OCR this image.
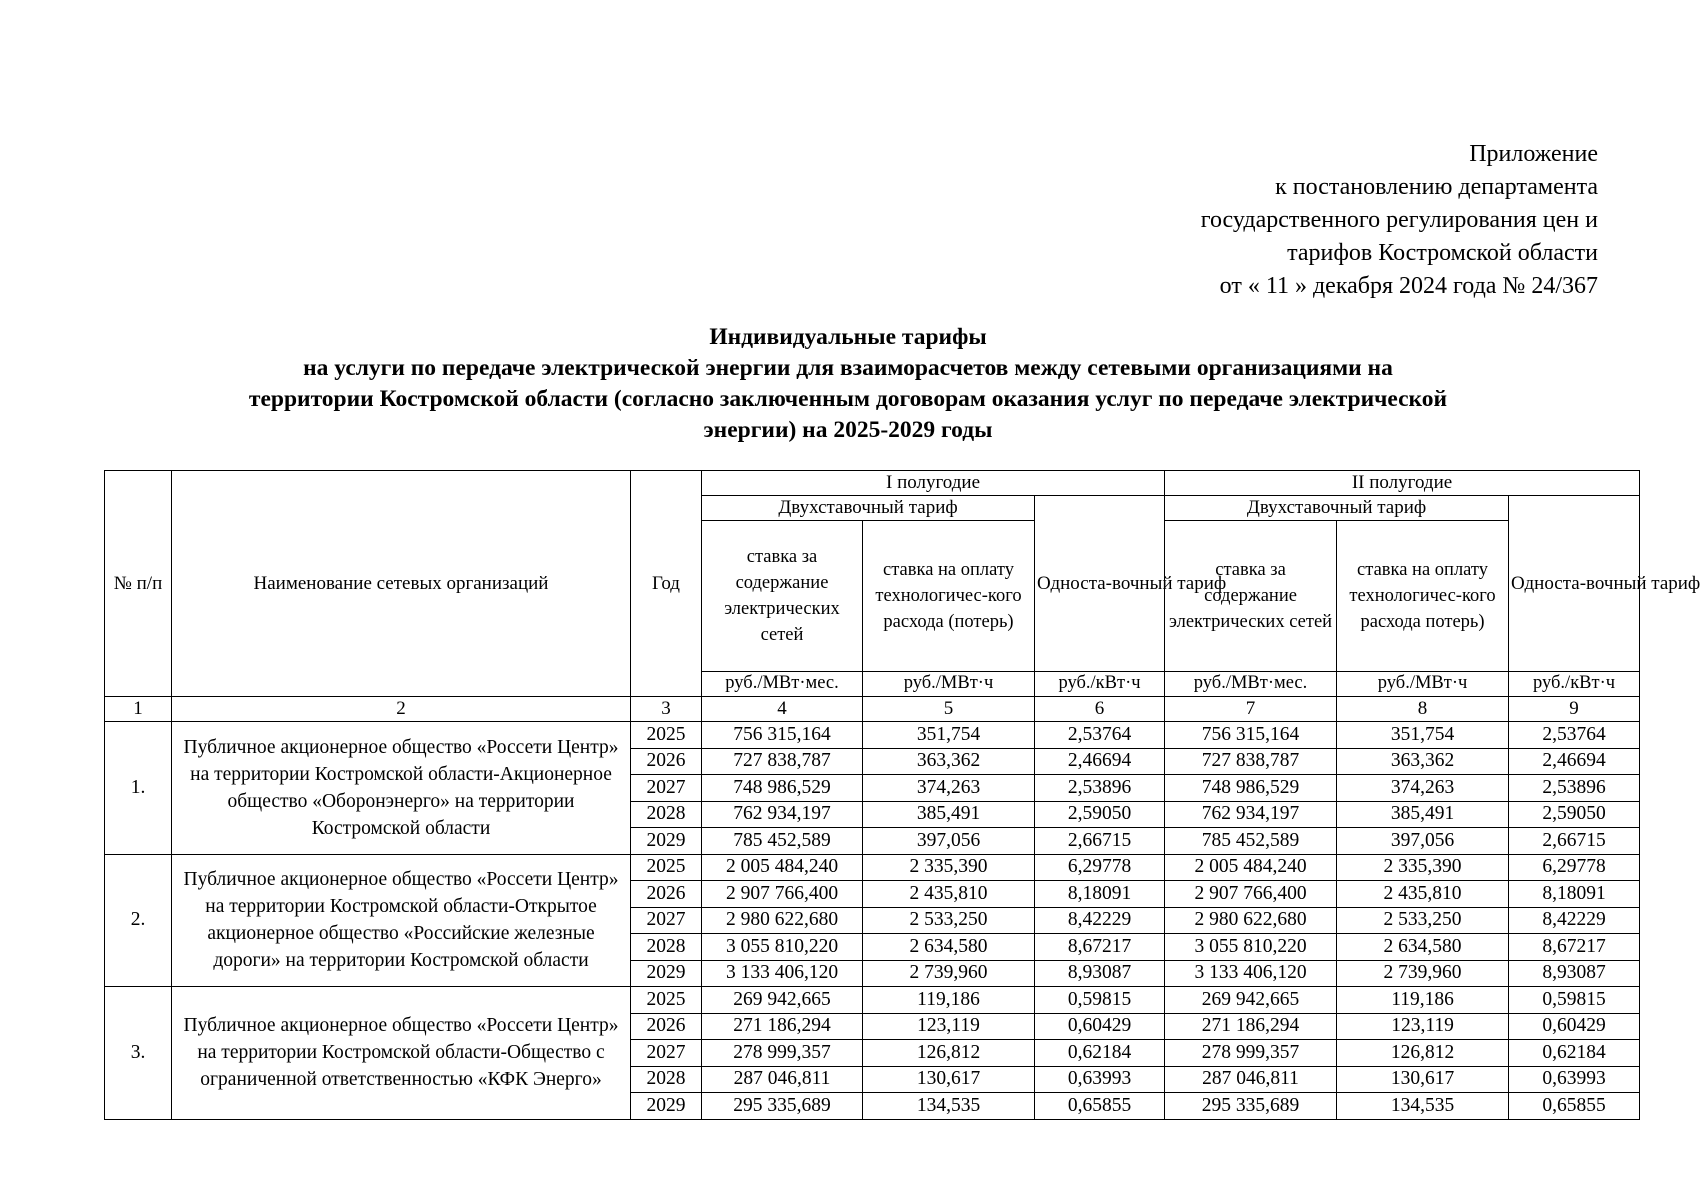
Приложение
к постановлению департамента
государственного регулирования цен и
тарифов Костромской области
от « 11 » декабря 2024 года № 24/367
Индивидуальные тарифы
на услуги по передаче электрической энергии для взаиморасчетов между сетевыми организациями на
территории Костромской области (согласно заключенным договорам оказания услуг по передаче электрической
энергии) на 2025-2029 годы
№ п/п	Наименование сетевых организаций	Год	I полугодие			II полугодие		
			Двухставочный тариф		Односта-вочный тариф	Двухставочный тариф		Односта-вочный тариф
			ставка за содержание электрических сетей	ставка на оплату технологичес-кого расхода (потерь)		ставка за содержание электрических сетей	ставка на оплату технологичес-кого расхода потерь)	
			руб./МВт·мес.	руб./МВт·ч	руб./кВт·ч	руб./МВт·мес.	руб./МВт·ч	руб./кВт·ч
1	2	3	4	5	6	7	8	9
1.	Публичное акционерное общество «Россети Центр» на территории Костромской области-Акционерное общество «Оборонэнерго» на территории Костромской области	2025	756 315,164	351,754	2,53764	756 315,164	351,754	2,53764
		2026	727 838,787	363,362	2,46694	727 838,787	363,362	2,46694
		2027	748 986,529	374,263	2,53896	748 986,529	374,263	2,53896
		2028	762 934,197	385,491	2,59050	762 934,197	385,491	2,59050
		2029	785 452,589	397,056	2,66715	785 452,589	397,056	2,66715
2.	Публичное акционерное общество «Россети Центр» на территории Костромской области-Открытое акционерное общество «Российские железные дороги» на территории Костромской области	2025	2 005 484,240	2 335,390	6,29778	2 005 484,240	2 335,390	6,29778
		2026	2 907 766,400	2 435,810	8,18091	2 907 766,400	2 435,810	8,18091
		2027	2 980 622,680	2 533,250	8,42229	2 980 622,680	2 533,250	8,42229
		2028	3 055 810,220	2 634,580	8,67217	3 055 810,220	2 634,580	8,67217
		2029	3 133 406,120	2 739,960	8,93087	3 133 406,120	2 739,960	8,93087
3.	Публичное акционерное общество «Россети Центр» на территории Костромской области-Общество с ограниченной ответственностью «КФК Энерго»	2025	269 942,665	119,186	0,59815	269 942,665	119,186	0,59815
		2026	271 186,294	123,119	0,60429	271 186,294	123,119	0,60429
		2027	278 999,357	126,812	0,62184	278 999,357	126,812	0,62184
		2028	287 046,811	130,617	0,63993	287 046,811	130,617	0,63993
		2029	295 335,689	134,535	0,65855	295 335,689	134,535	0,65855
